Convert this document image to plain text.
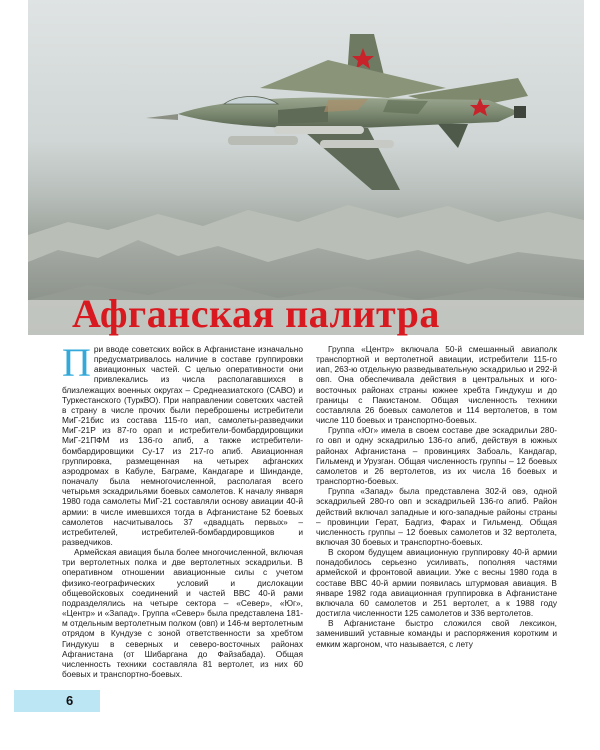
Афганская палитра

При вводе советских войск в Афганистане изначально предусматривалось наличие в составе группировки авиационных частей. С целью оперативности они привлекались из числа располагавшихся в близлежащих военных округах – Среднеазиатского (САВО) и Туркестанского (ТуркВО). При направлении советских частей в страну в числе прочих были переброшены истребители МиГ-21бис из состава 115-го иап, самолеты-разведчики МиГ-21Р из 87-го орап и истребители-бомбардировщики МиГ-21ПФМ из 136-го апиб, а также истребители-бомбардировщики Су-17 из 217-го апиб. Авиационная группировка, размещенная на четырех афганских аэродромах в Кабуле, Баграме, Кандагаре и Шинданде, поначалу была немногочисленной, располагая всего четырьмя эскадрильями боевых самолетов. К началу января 1980 года самолеты МиГ-21 составляли основу авиации 40-й армии: в числе имевшихся тогда в Афганистане 52 боевых самолетов насчитывалось 37 «двадцать первых» – истребителей, истребителей-бомбардировщиков и разведчиков.

Армейская авиация была более многочисленной, включая три вертолетных полка и две вертолетных эскадрильи. В оперативном отношении авиационные силы с учетом физико-географических условий и дислокации общевойсковых соединений и частей ВВС 40-й рами подразделялись на четыре сектора – «Север», «Юг», «Центр» и «Запад». Группа «Север» была представлена 181-м отдельным вертолетным полком (овп) и 146-м вертолетным отрядом в Кундузе с зоной ответственности за хребтом Гиндукуш в северных и северо-восточных районах Афганистана (от Шибаргана до Файзабада). Общая численность техники составляла 81 вертолет, из них 60 боевых и транспортно-боевых.

Группа «Центр» включала 50-й смешанный авиаполк транспортной и вертолетной авиации, истребители 115-го иап, 263-ю отдельную разведывательную эскадрилью и 292-й овп. Она обеспечивала действия в центральных и юго-восточных районах страны южнее хребта Гиндукуш и до границы с Пакистаном. Общая численность техники составляла 26 боевых самолетов и 114 вертолетов, в том числе 110 боевых и транспортно-боевых.

Группа «Юг» имела в своем составе две эскадрильи 280-го овп и одну эскадрилью 136-го апиб, действуя в южных районах Афганистана – провинциях Забоаль, Кандагар, Гильменд и Урузган. Общая численность группы – 12 боевых самолетов и 26 вертолетов, из их числа 16 боевых и транспортно-боевых.

Группа «Запад» была представлена 302-й овэ, одной эскадрильей 280-го овп и эскадрильей 136-го апиб. Район действий включал западные и юго-западные районы страны – провинции Герат, Бадгиз, Фарах и Гильменд. Общая численность группы – 12 боевых самолетов и 32 вертолета, включая 30 боевых и транспортно-боевых.

В скором будущем авиационную группировку 40-й армии понадобилось серьезно усиливать, пополняя частями армейской и фронтовой авиации. Уже с весны 1980 года в составе ВВС 40-й армии появилась штурмовая авиация. В январе 1982 года авиационная группировка в Афганистане включала 60 самолетов и 251 вертолет, а к 1988 году достигла численности 125 самолетов и 336 вертолетов.

В Афганистане быстро сложился свой лексикон, заменивший уставные команды и распоряжения коротким и емким жаргоном, что называется, с лету

6
